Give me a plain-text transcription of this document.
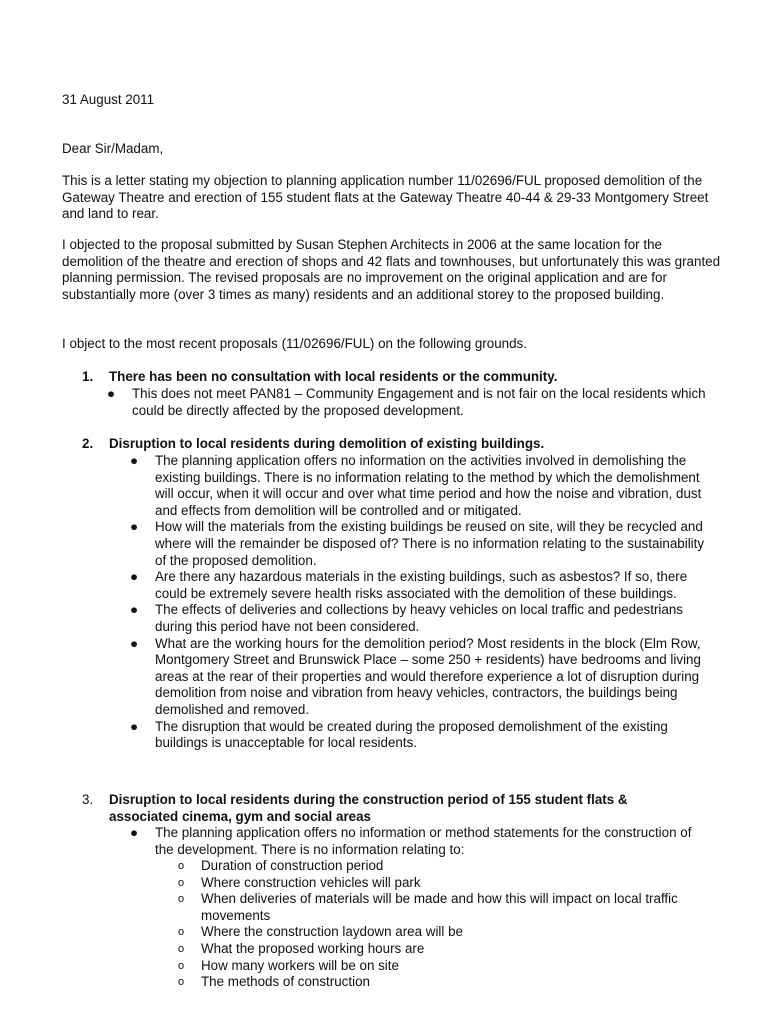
31 August 2011

Dear Sir/Madam,

This is a letter stating my objection to planning application number 11/02696/FUL proposed demolition of the Gateway Theatre and erection of 155 student flats at the Gateway Theatre 40-44 & 29-33 Montgomery Street and land to rear.

I objected to the proposal submitted by Susan Stephen Architects in 2006 at the same location for the demolition of the theatre and erection of shops and 42 flats and townhouses, but unfortunately this was granted planning permission. The revised proposals are no improvement on the original application and are for substantially more (over 3 times as many) residents and an additional storey to the proposed building.

I object to the most recent proposals (11/02696/FUL) on the following grounds.

1. There has been no consultation with local residents or the community.
● This does not meet PAN81 – Community Engagement and is not fair on the local residents which could be directly affected by the proposed development.
2. Disruption to local residents during demolition of existing buildings.
● The planning application offers no information on the activities involved in demolishing the existing buildings. There is no information relating to the method by which the demolishment will occur, when it will occur and over what time period and how the noise and vibration, dust and effects from demolition will be controlled and or mitigated.
● How will the materials from the existing buildings be reused on site, will they be recycled and where will the remainder be disposed of? There is no information relating to the sustainability of the proposed demolition.
● Are there any hazardous materials in the existing buildings, such as asbestos? If so, there could be extremely severe health risks associated with the demolition of these buildings.
● The effects of deliveries and collections by heavy vehicles on local traffic and pedestrians during this period have not been considered.
● What are the working hours for the demolition period? Most residents in the block (Elm Row, Montgomery Street and Brunswick Place – some 250 + residents) have bedrooms and living areas at the rear of their properties and would therefore experience a lot of disruption during demolition from noise and vibration from heavy vehicles, contractors, the buildings being demolished and removed.
● The disruption that would be created during the proposed demolishment of the existing buildings is unacceptable for local residents.
3. Disruption to local residents during the construction period of 155 student flats & associated cinema, gym and social areas
● The planning application offers no information or method statements for the construction of the development. There is no information relating to:
o Duration of construction period
o Where construction vehicles will park
o When deliveries of materials will be made and how this will impact on local traffic movements
o Where the construction laydown area will be
o What the proposed working hours are
o How many workers will be on site
o The methods of construction
